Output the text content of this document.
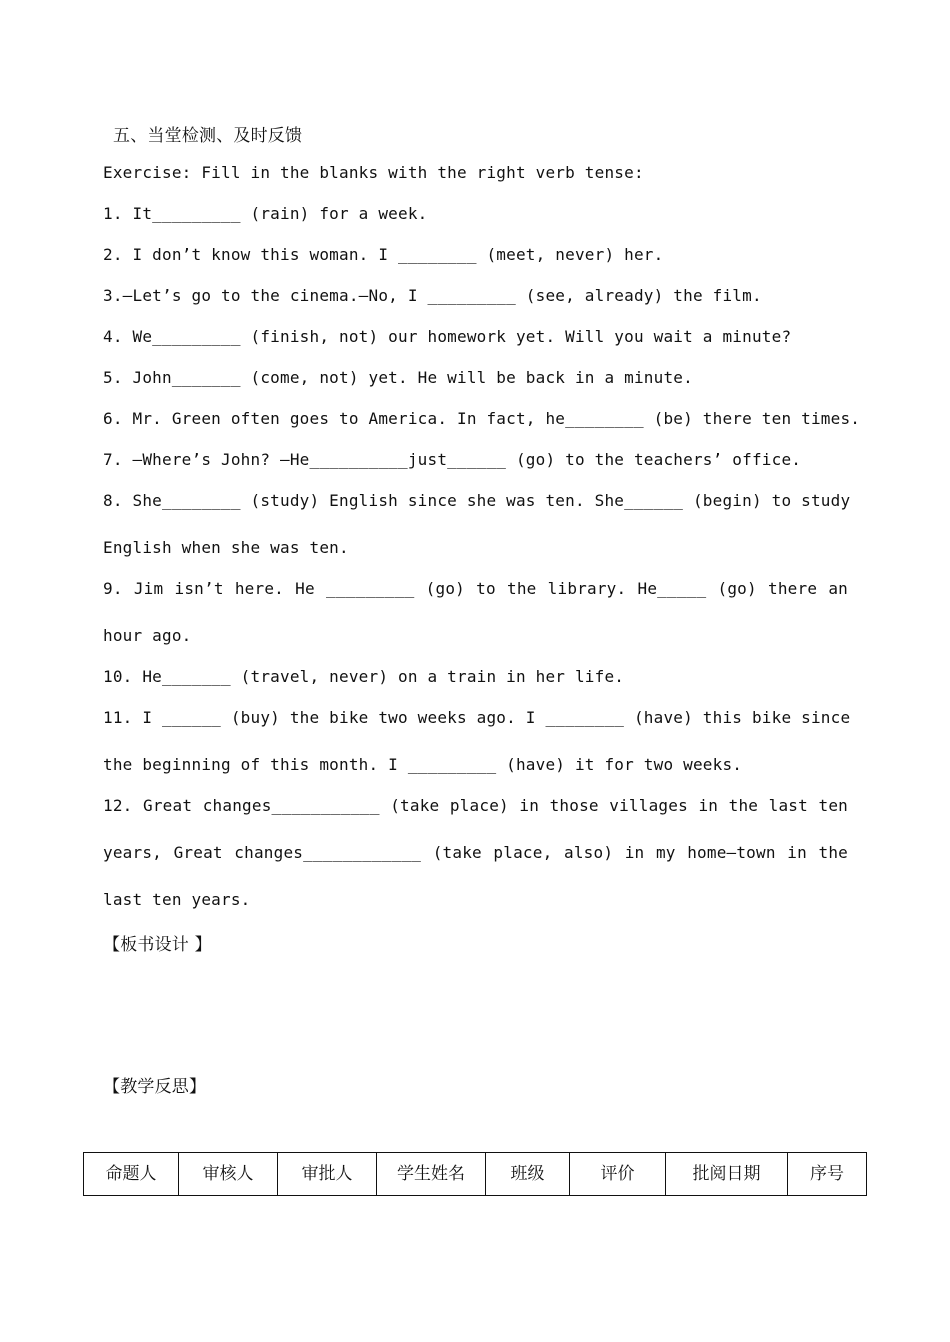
五、当堂检测、及时反馈
Exercise: Fill in the blanks with the right verb tense:
1. It_________ (rain) for a week.
2. I don’t know this woman. I ________ (meet, never) her.
3.—Let’s go to the cinema.—No, I _________ (see, already) the film.
4. We_________ (finish, not) our homework yet. Will you wait a minute?
5. John_______ (come, not) yet. He will be back in a minute.
6. Mr. Green often goes to America. In fact, he________ (be) there ten times.
7. —Where’s John? —He__________just______ (go) to the teachers’ office.
8. She________ (study) English since she was ten. She______ (begin) to study
English when she was ten.
9. Jim isn’t here. He _________ (go) to the library. He_____ (go) there an
hour ago.
10. He_______ (travel, never) on a train in her life.
11. I ______ (buy) the bike two weeks ago. I ________ (have) this bike since
the beginning of this month. I _________ (have) it for two weeks.
12. Great changes___________ (take place) in those villages in the last ten
years, Great changes____________ (take place, also) in my home—town in the
last ten years.
【板书设计 】
【教学反思】
命题人	审核人	审批人	学生姓名	班级	评价	批阅日期	序号
